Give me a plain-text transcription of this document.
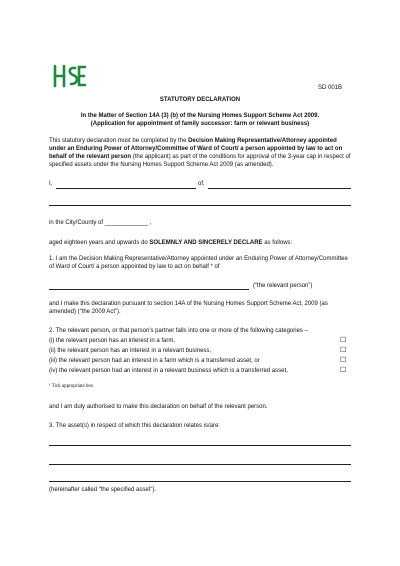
SD 001B
STATUTORY DECLARATION
In the Matter of Section 14A (3) (b) of the Nursing Homes Support Scheme Act 2009.
(Application for appointment of family successor: farm or relevant business)
This statutory declaration must be completed by the Decision Making Representative/Attorney appointed under an Enduring Power of Attorney/Committee of Ward of Court/ a person appointed by law to act on behalf of the relevant person (the applicant) as part of the conditions for approval of the 3-year cap in respect of specified assets under the Nursing Homes Support Scheme Act 2009 (as amended).
I,	of,
in the City/County of _____________ ,
aged eighteen years and upwards do SOLEMNLY AND SINCERELY DECLARE as follows:
1. I am the Decision Making Representative/Attorney appointed under an Enduring Power of Attorney/Committee of Ward of Court/ a person appointed by law to act on behalf * of
(“the relevant person”)
and I make this declaration pursuant to section 14A of the Nursing Homes Support Scheme Act, 2009 (as amended) (“the 2009 Act”).
2. The relevant person, or that person’s partner falls into one or more of the following categories –
(i) the relevant person has an interest in a farm,	☐
(ii) the relevant person has an interest in a relevant business,	☐
(iii) the relevant person had an interest in a farm which is a transferred asset, or	☐
(iv) the relevant person had an interest in a relevant business which is a transferred asset,	☐
¹ Tick appropriate box
and I am duly authorised to make this declaration on behalf of the relevant person.
3. The asset(s) in respect of which this declaration relates is/are:
(hereinafter called “the specified asset”).
